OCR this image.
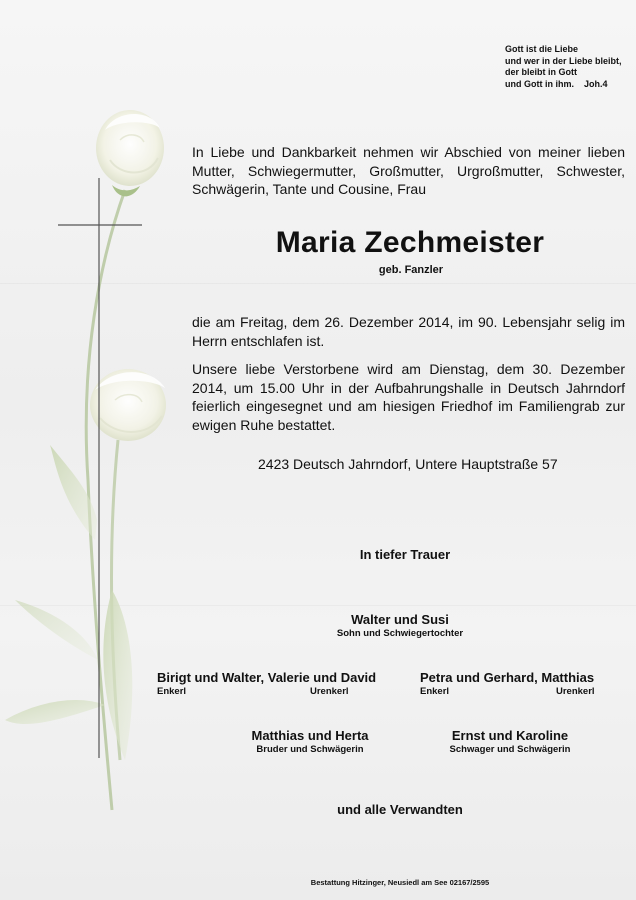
Gott ist die Liebe
und wer in der Liebe bleibt,
der bleibt in Gott
und Gott in ihm. Joh.4
In Liebe und Dankbarkeit nehmen wir Abschied von meiner lieben Mutter, Schwiegermutter, Großmutter, Urgroßmutter, Schwester, Schwägerin, Tante und Cousine, Frau
Maria Zechmeister
geb. Fanzler
die am Freitag, dem 26. Dezember 2014, im 90. Lebensjahr selig im Herrn entschlafen ist.
Unsere liebe Verstorbene wird am Dienstag, dem 30. Dezember 2014, um 15.00 Uhr in der Aufbahrungshalle in Deutsch Jahrndorf feierlich eingesegnet und am hiesigen Friedhof im Familiengrab zur ewigen Ruhe bestattet.
2423 Deutsch Jahrndorf, Untere Hauptstraße 57
In tiefer Trauer
Walter und Susi
Sohn und Schwiegertochter
Birigt und Walter, Valerie und David
Enkerl	Urenkerl
Petra und Gerhard, Matthias
Enkerl	Urenkerl
Matthias und Herta
Bruder und Schwägerin
Ernst und Karoline
Schwager und Schwägerin
und alle Verwandten
Bestattung Hitzinger, Neusiedl am See 02167/2595
